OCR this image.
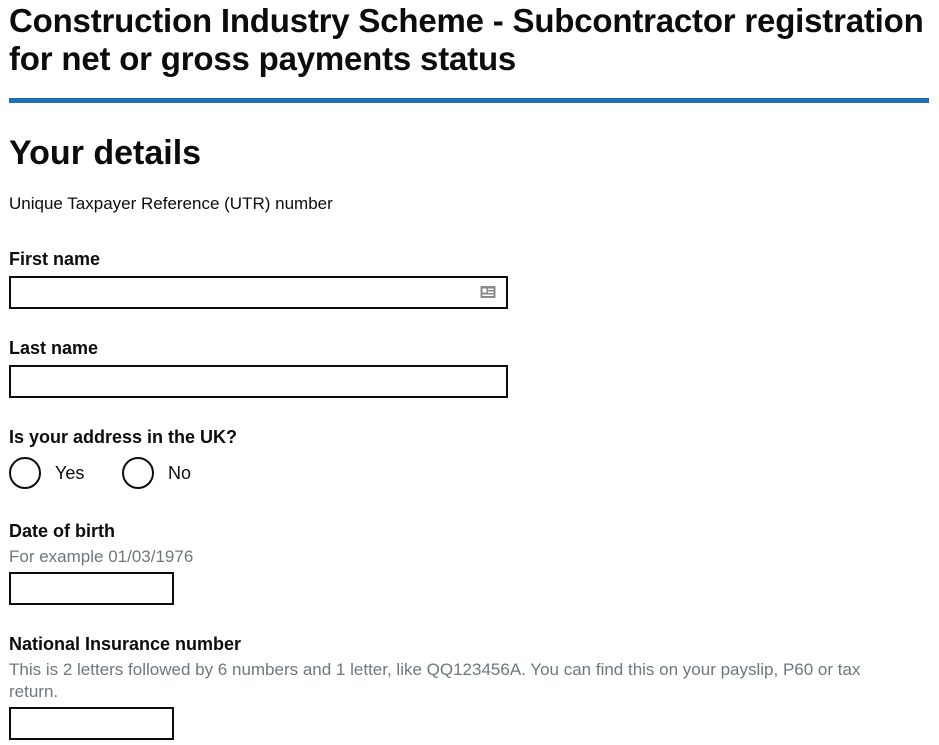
Construction Industry Scheme - Subcontractor registration for net or gross payments status
Your details
Unique Taxpayer Reference (UTR) number
First name
Last name
Is your address in the UK?
Yes	No
Date of birth
For example 01/03/1976
National Insurance number
This is 2 letters followed by 6 numbers and 1 letter, like QQ123456A. You can find this on your payslip, P60 or tax return.
